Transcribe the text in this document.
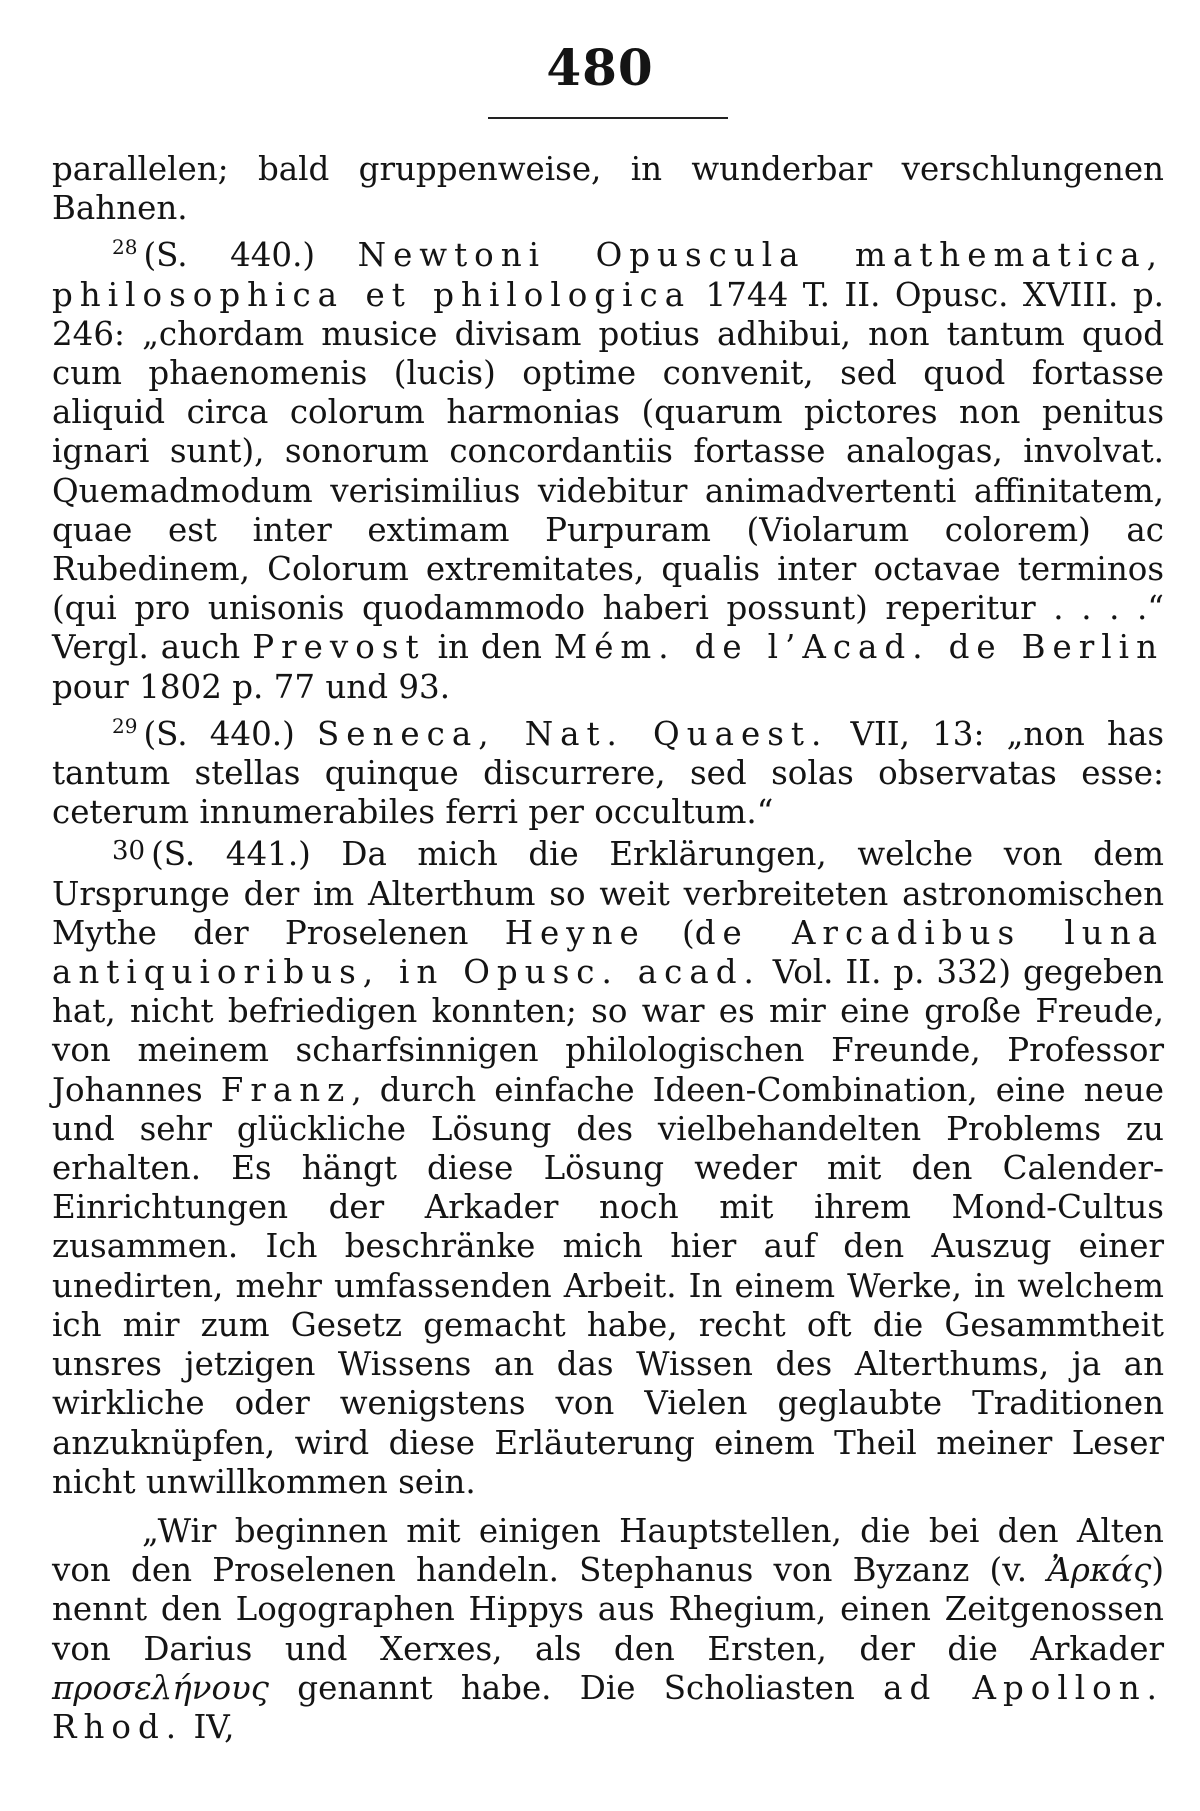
480

parallelen; bald gruppenweise, in wunderbar verschlungenen Bahnen.

$^{28}$ (S. 440.) Newtoni Opuscula mathematica, philosophica et philologica 1744 T. II. Opusc. XVIII. p. 246: „chordam musice divisam potius adhibui, non tantum quod cum phaenomenis (lucis) optime convenit, sed quod fortasse aliquid circa colorum harmonias (quarum pictores non penitus ignari sunt), sonorum concordantiis fortasse analogas, involvat. Quemadmodum verisimilius videbitur animadvertenti affinitatem, quae est inter extimam Purpuram (Violarum colorem) ac Rubedinem, Colorum extremitates, qualis inter octavae terminos (qui pro unisonis quodammodo haberi possunt) reperitur . . . .“ Vergl. auch Prevost in den Mém. de l’Acad. de Berlin pour 1802 p. 77 und 93.

$^{29}$ (S. 440.) Seneca, Nat. Quaest. VII, 13: „non has tantum stellas quinque discurrere, sed solas observatas esse: ceterum innumerabiles ferri per occultum.“

30 (S. 441.) Da mich die Erklärungen, welche von dem Ursprunge der im Alterthum so weit verbreiteten astronomischen Mythe der Proselenen Heyne (de Arcadibus luna antiquioribus, in Opusc. acad. Vol. II. p. 332) gegeben hat, nicht befriedigen konnten; so war es mir eine große Freude, von meinem scharfsinnigen philologischen Freunde, Professor Johannes Franz, durch einfache Ideen-Combination, eine neue und sehr glückliche Lösung des vielbehandelten Problems zu erhalten. Es hängt diese Lösung weder mit den Calender-Einrichtungen der Arkader noch mit ihrem Mond-Cultus zusammen. Ich beschränke mich hier auf den Auszug einer unedirten, mehr umfassenden Arbeit. In einem Werke, in welchem ich mir zum Gesetz gemacht habe, recht oft die Gesammtheit unsres jetzigen Wissens an das Wissen des Alterthums, ja an wirkliche oder wenigstens von Vielen geglaubte Traditionen anzuknüpfen, wird diese Erläuterung einem Theil meiner Leser nicht unwillkommen sein.

„Wir beginnen mit einigen Hauptstellen, die bei den Alten von den Proselenen handeln. Stephanus von Byzanz (v. Ἀρκάς) nennt den Logographen Hippys aus Rhegium, einen Zeitgenossen von Darius und Xerxes, als den Ersten, der die Arkader προσελήνους genannt habe. Die Scholiasten ad Apollon. Rhod. IV,
